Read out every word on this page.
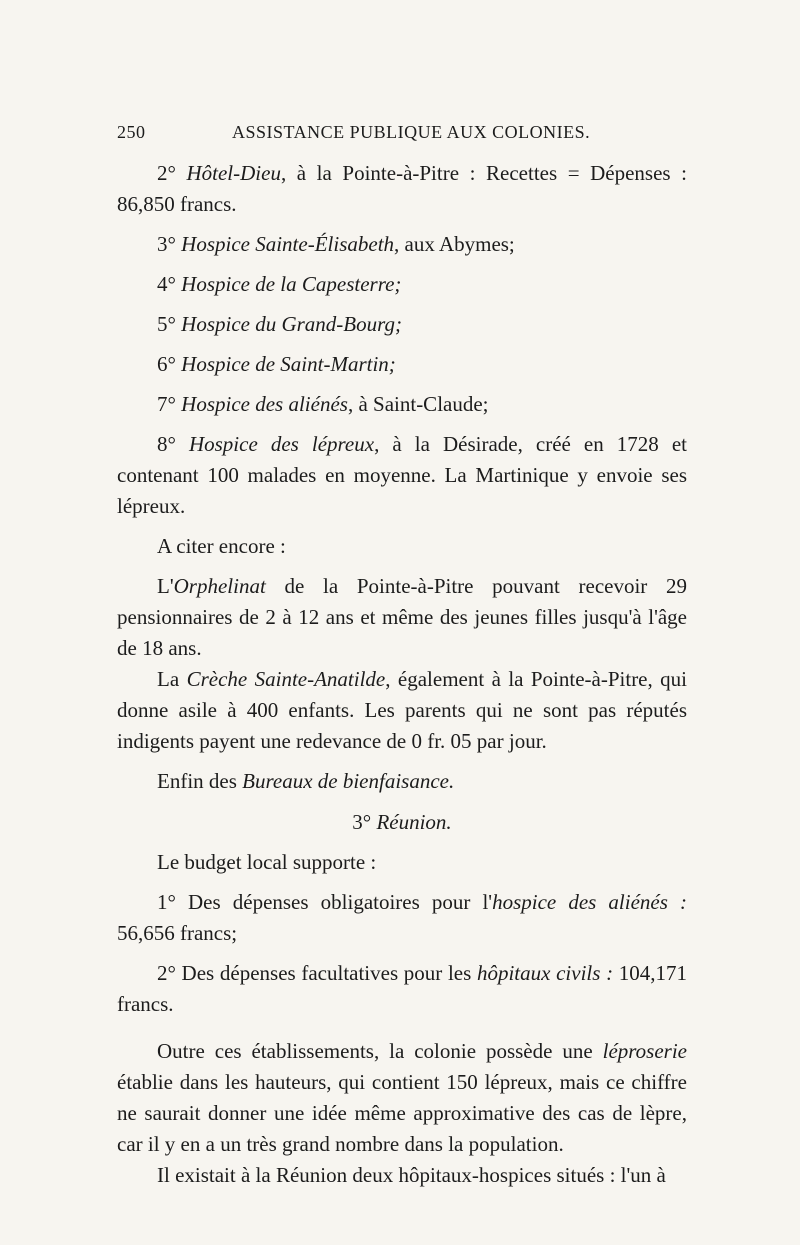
250	ASSISTANCE PUBLIQUE AUX COLONIES.

2° Hôtel-Dieu, à la Pointe-à-Pitre : Recettes = Dépenses : 86,850 francs.

3° Hospice Sainte-Élisabeth, aux Abymes;

4° Hospice de la Capesterre;

5° Hospice du Grand-Bourg;

6° Hospice de Saint-Martin;

7° Hospice des aliénés, à Saint-Claude;

8° Hospice des lépreux, à la Désirade, créé en 1728 et contenant 100 malades en moyenne. La Martinique y envoie ses lépreux.

A citer encore :

L'Orphelinat de la Pointe-à-Pitre pouvant recevoir 29 pensionnaires de 2 à 12 ans et même des jeunes filles jusqu'à l'âge de 18 ans.

La Crèche Sainte-Anatilde, également à la Pointe-à-Pitre, qui donne asile à 400 enfants. Les parents qui ne sont pas réputés indigents payent une redevance de 0 fr. 05 par jour.

Enfin des Bureaux de bienfaisance.

3° Réunion.

Le budget local supporte :

1° Des dépenses obligatoires pour l'hospice des aliénés : 56,656 francs;

2° Des dépenses facultatives pour les hôpitaux civils : 104,171 francs.

Outre ces établissements, la colonie possède une léproserie établie dans les hauteurs, qui contient 150 lépreux, mais ce chiffre ne saurait donner une idée même approximative des cas de lèpre, car il y en a un très grand nombre dans la population.

Il existait à la Réunion deux hôpitaux-hospices situés : l'un à
